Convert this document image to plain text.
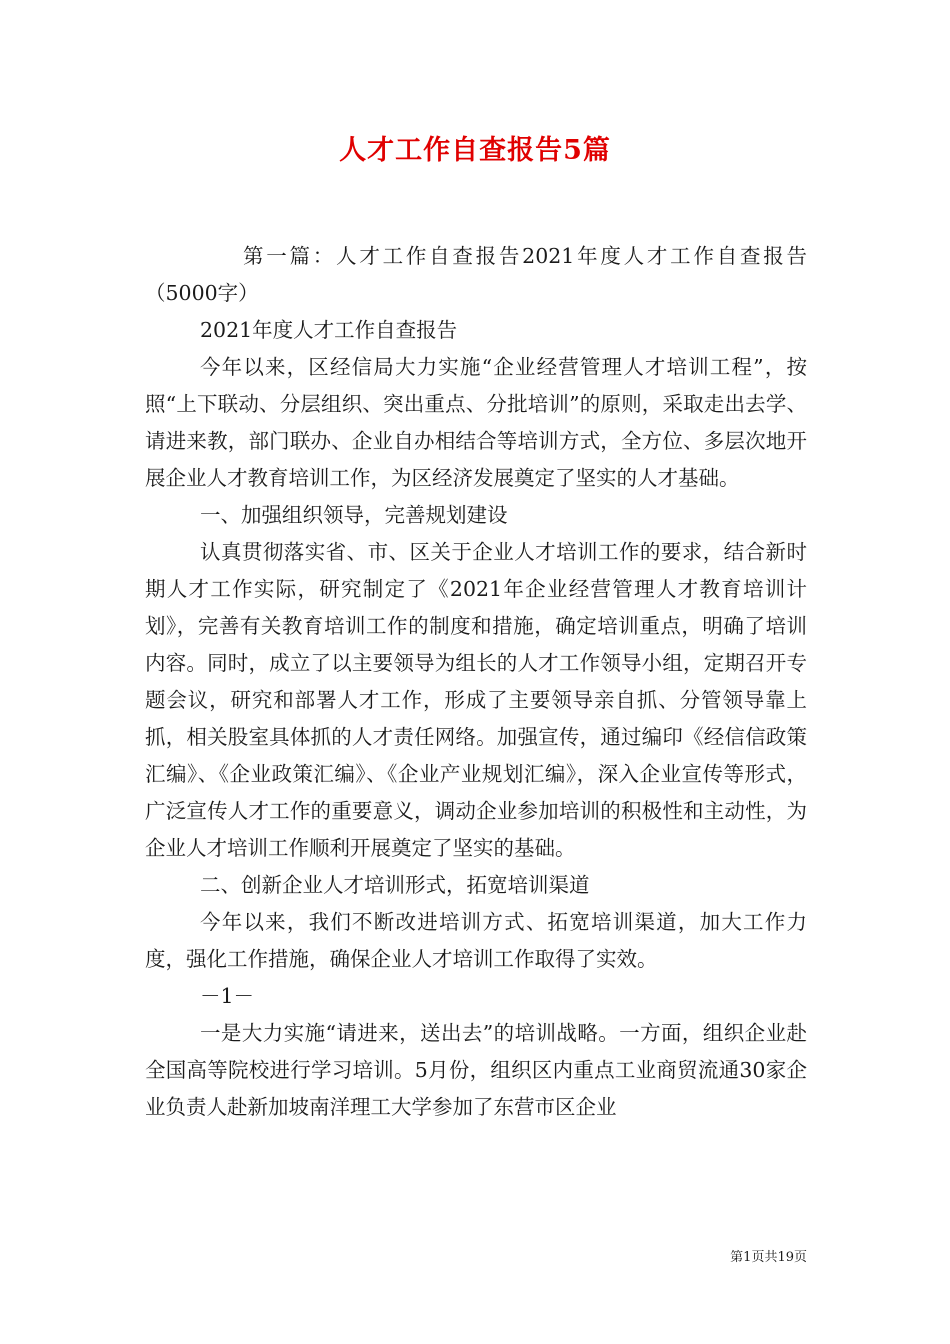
人才工作自查报告5篇

第一篇：人才工作自查报告2021年度人才工作自查报告（5000字）

2021年度人才工作自查报告

今年以来，区经信局大力实施“企业经营管理人才培训工程”，按照“上下联动、分层组织、突出重点、分批培训”的原则，采取走出去学、请进来教，部门联办、企业自办相结合等培训方式，全方位、多层次地开展企业人才教育培训工作，为区经济发展奠定了坚实的人才基础。

一、加强组织领导，完善规划建设

认真贯彻落实省、市、区关于企业人才培训工作的要求，结合新时期人才工作实际，研究制定了《2021年企业经营管理人才教育培训计划》，完善有关教育培训工作的制度和措施，确定培训重点，明确了培训内容。同时，成立了以主要领导为组长的人才工作领导小组，定期召开专题会议，研究和部署人才工作，形成了主要领导亲自抓、分管领导靠上抓，相关股室具体抓的人才责任网络。加强宣传，通过编印《经信信政策汇编》、《企业政策汇编》、《企业产业规划汇编》，深入企业宣传等形式，广泛宣传人才工作的重要意义，调动企业参加培训的积极性和主动性，为企业人才培训工作顺利开展奠定了坚实的基础。

二、创新企业人才培训形式，拓宽培训渠道

今年以来，我们不断改进培训方式、拓宽培训渠道，加大工作力度，强化工作措施，确保企业人才培训工作取得了实效。

－1－

一是大力实施“请进来，送出去”的培训战略。一方面，组织企业赴全国高等院校进行学习培训。5月份，组织区内重点工业商贸流通30家企业负责人赴新加坡南洋理工大学参加了东营市区企业

第1页共19页
